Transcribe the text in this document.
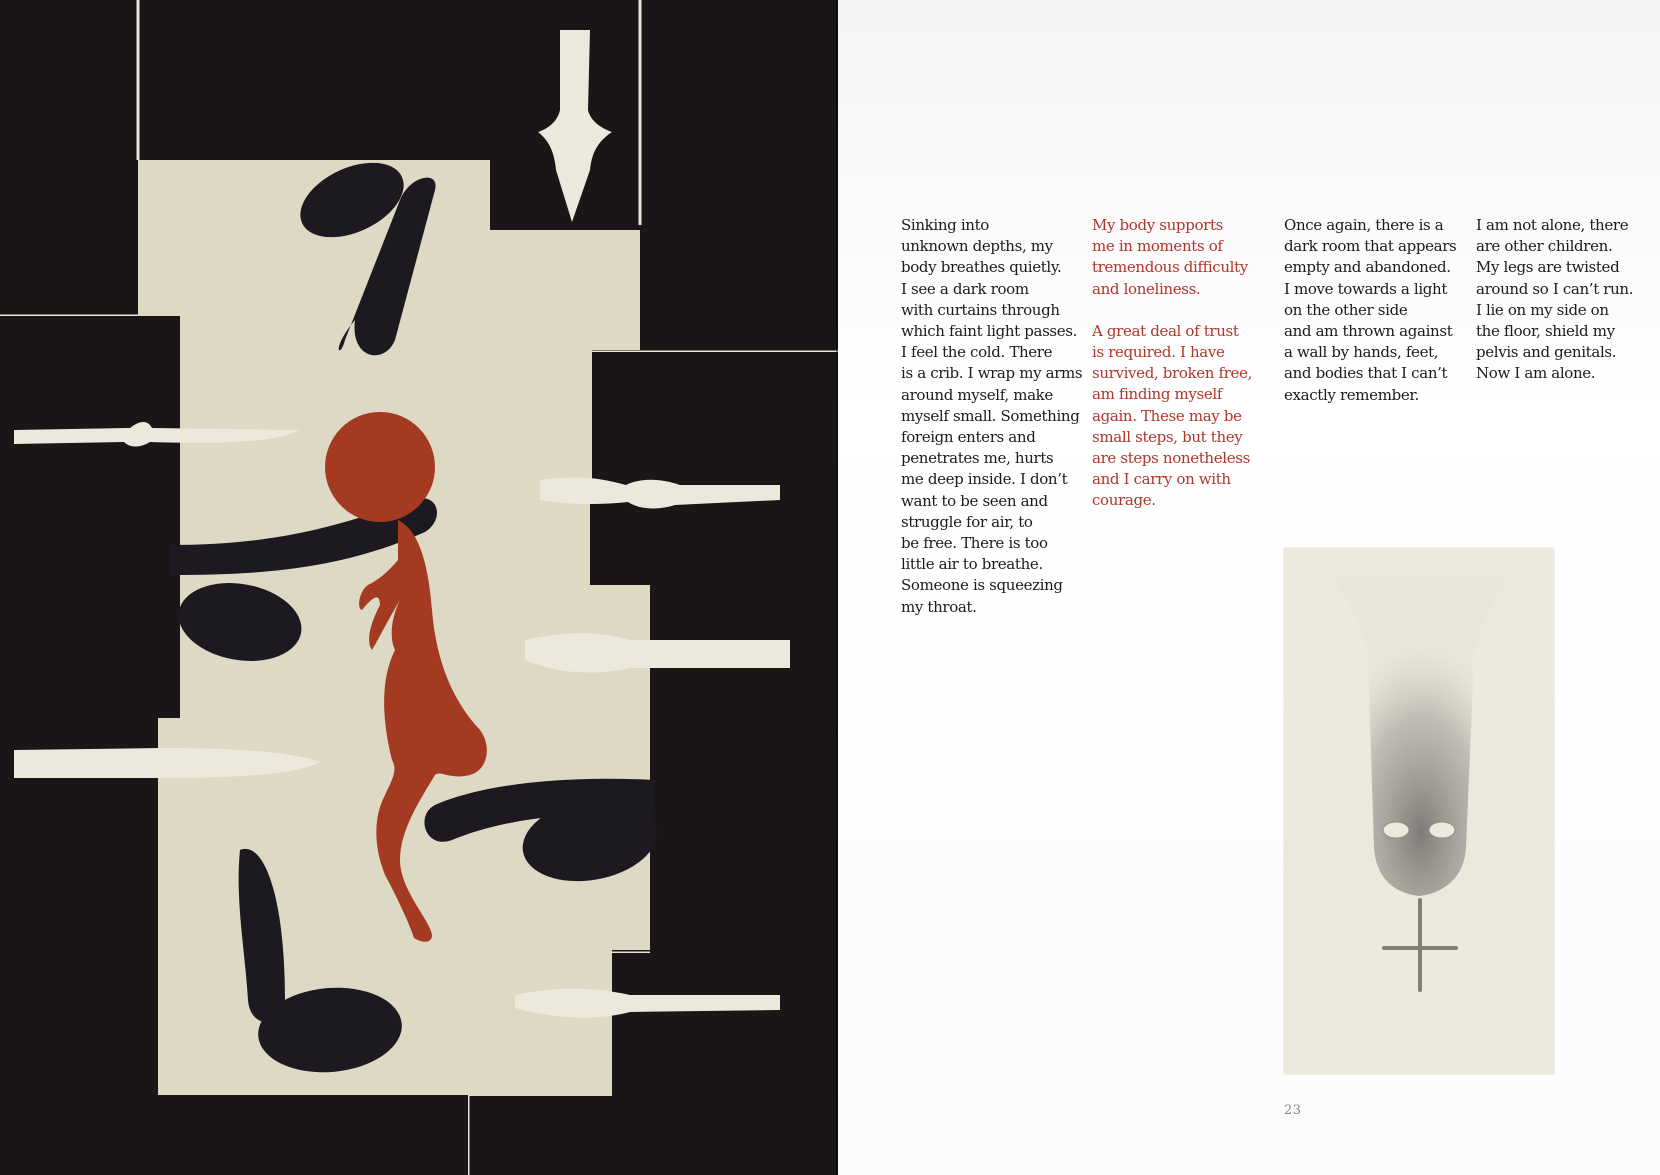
Sinking into
unknown depths, my
body breathes quietly.
I see a dark room
with curtains through
which faint light passes.
I feel the cold. There
is a crib. I wrap my arms
around myself, make
myself small. Something
foreign enters and
penetrates me, hurts
me deep inside. I don’t
want to be seen and
struggle for air, to
be free. There is too
little air to breathe.
Someone is squeezing
my throat.

My body supports
me in moments of
tremendous difficulty
and loneliness.

A great deal of trust
is required. I have
survived, broken free,
am finding myself
again. These may be
small steps, but they
are steps nonetheless
and I carry on with
courage.

Once again, there is a
dark room that appears
empty and abandoned.
I move towards a light
on the other side
and am thrown against
a wall by hands, feet,
and bodies that I can’t
exactly remember.

I am not alone, there
are other children.
My legs are twisted
around so I can’t run.
I lie on my side on
the floor, shield my
pelvis and genitals.
Now I am alone.

23
